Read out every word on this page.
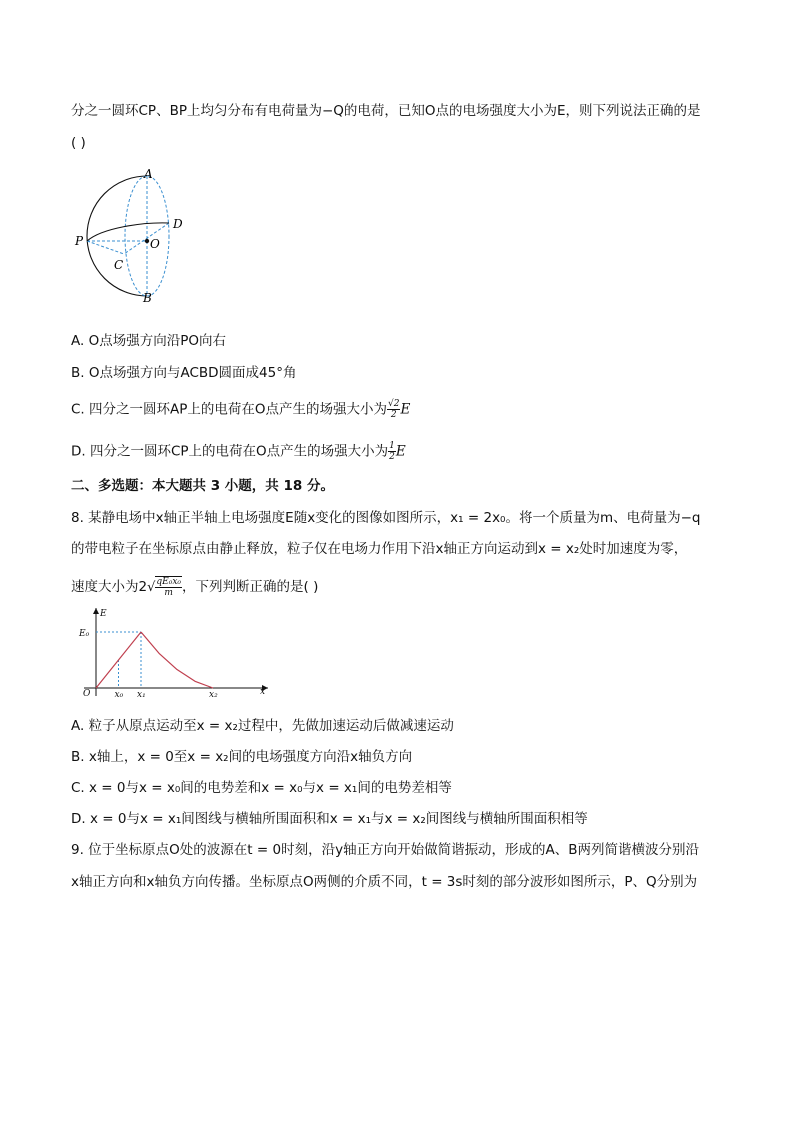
分之一圆环CP、BP上均匀分布有电荷量为−Q的电荷，已知O点的电场强度大小为E，则下列说法正确的是
( )
A
D
P	O
C
B
A. O点场强方向沿PO向右
B. O点场强方向与ACBD圆面成45°角
C. 四分之一圆环AP上的电荷在O点产生的场强大小为 $\frac{√2}{2}$ E
D. 四分之一圆环CP上的电荷在O点产生的场强大小为 $\frac{1}{2}$ E
二、多选题：本大题共 3 小题，共 18 分。
8. 某静电场中x轴正半轴上电场强度E随x变化的图像如图所示，x₁ = 2x₀。将一个质量为m、电荷量为−q
的带电粒子在坐标原点由静止释放，粒子仅在电场力作用下沿x轴正方向运动到x = x₂处时加速度为零，
速度大小为$2√ \frac{\text{qE₀x₀}}{m}$ ，下列判断正确的是( )
E
x
O	x₀ x₁	x₂
E₀
A. 粒子从原点运动至x = x₂过程中，先做加速运动后做减速运动
B. x轴上，x = 0至x = x₂间的电场强度方向沿x轴负方向
C. x = 0与x = x₀间的电势差和x = x₀与x = x₁间的电势差相等
D. x = 0与x = x₁间图线与横轴所围面积和x = x₁与x = x₂间图线与横轴所围面积相等
9. 位于坐标原点O处的波源在t = 0时刻，沿y轴正方向开始做简谐振动，形成的A、B两列简谐横波分别沿
x轴正方向和x轴负方向传播。坐标原点O两侧的介质不同，t = 3s时刻的部分波形如图所示，P、Q分别为
